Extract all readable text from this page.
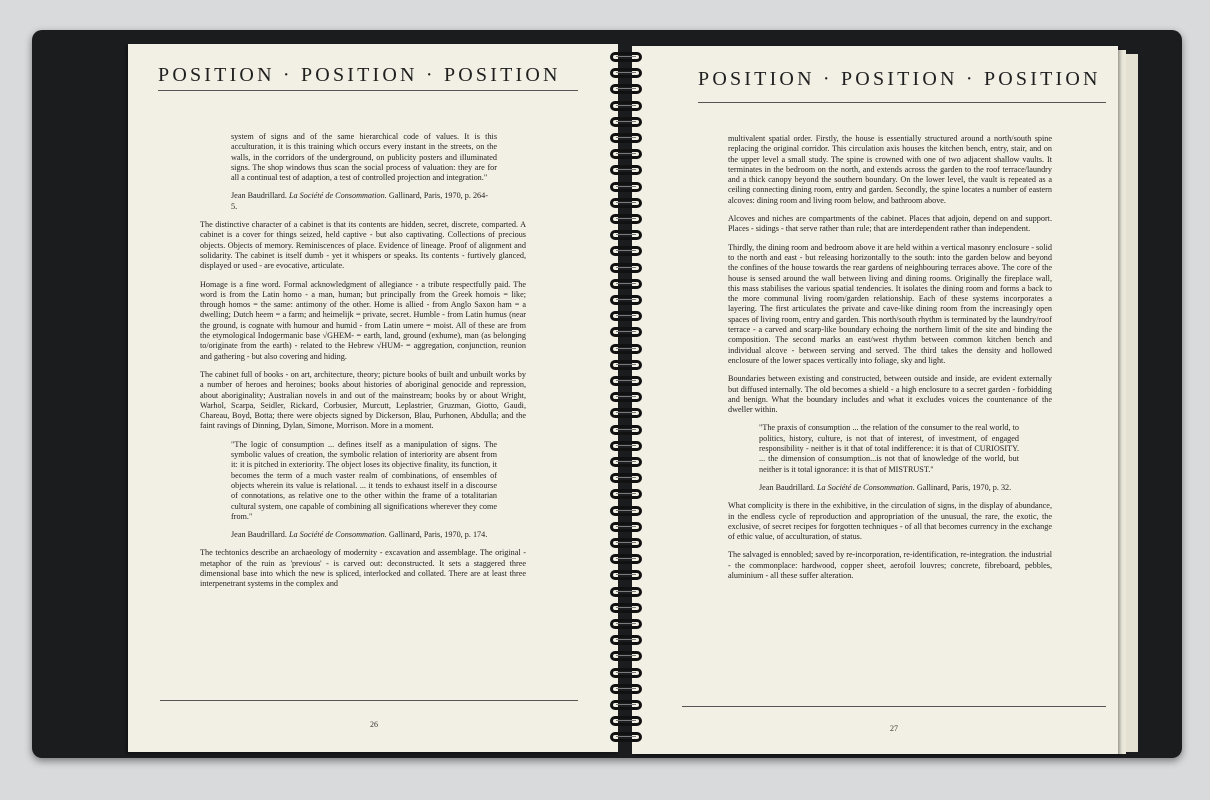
POSITION · POSITION · POSITION

system of signs and of the same hierarchical code of values. It is this acculturation, it is this training which occurs every instant in the streets, on the walls, in the corridors of the underground, on publicity posters and illuminated signs. The shop windows thus scan the social process of valuation: they are for all a continual test of adaption, a test of controlled projection and integration."

Jean Baudrillard. La Société de Consommation. Gallinard, Paris, 1970, p. 264-5.

The distinctive character of a cabinet is that its contents are hidden, secret, discrete, comparted. A cabinet is a cover for things seized, held captive - but also captivating. Collections of precious objects. Objects of memory. Reminiscences of place. Evidence of lineage. Proof of alignment and solidarity. The cabinet is itself dumb - yet it whispers or speaks. Its contents - furtively glanced, displayed or used - are evocative, articulate.

Homage is a fine word. Formal acknowledgment of allegiance - a tribute respectfully paid. The word is from the Latin homo - a man, human; but principally from the Greek homois = like; through homos = the same: antimony of the other. Home is allied - from Anglo Saxon ham = a dwelling; Dutch heem = a farm; and heimelijk = private, secret. Humble - from Latin humus (near the ground, is cognate with humour and humid - from Latin umere = moist. All of these are from the etymological Indogermanic base √GHEM- = earth, land, ground (exhume), man (as belonging to/originate from the earth) - related to the Hebrew √HUM- = aggregation, conjunction, reunion and gathering - but also covering and hiding.

The cabinet full of books - on art, architecture, theory; picture books of built and unbuilt works by a number of heroes and heroines; books about histories of aboriginal genocide and repression, about aboriginality; Australian novels in and out of the mainstream; books by or about Wright, Warhol, Scarpa, Seidler, Rickard, Corbusier, Murcutt, Leplastrier, Gruzman, Giotto, Gaudi, Chareau, Boyd, Botta; there were objects signed by Dickerson, Blau, Purhonen, Abdulla; and the faint ravings of Dinning, Dylan, Simone, Morrison. More in a moment.

"The logic of consumption ... defines itself as a manipulation of signs. The symbolic values of creation, the symbolic relation of interiority are absent from it: it is pitched in exteriority. The object loses its objective finality, its function, it becomes the term of a much vaster realm of combinations, of ensembles of objects wherein its value is relational. ... it tends to exhaust itself in a discourse of connotations, as relative one to the other within the frame of a totalitarian cultural system, one capable of combining all significations wherever they come from."

Jean Baudrillard. La Société de Consommation. Gallinard, Paris, 1970, p. 174.

The techtonics describe an archaeology of modernity - excavation and assemblage. The original - metaphor of the ruin as 'previous' - is carved out: deconstructed. It sets a staggered three dimensional base into which the new is spliced, interlocked and collated. There are at least three interpenetrant systems in the complex and

26
POSITION · POSITION · POSITION

multivalent spatial order. Firstly, the house is essentially structured around a north/south spine replacing the original corridor. This circulation axis houses the kitchen bench, entry, stair, and on the upper level a small study. The spine is crowned with one of two adjacent shallow vaults. It terminates in the bedroom on the north, and extends across the garden to the roof terrace/laundry and a thick canopy beyond the southern boundary. On the lower level, the vault is repeated as a ceiling connecting dining room, entry and garden. Secondly, the spine locates a number of eastern alcoves: dining room and living room below, and bathroom above.

Alcoves and niches are compartments of the cabinet. Places that adjoin, depend on and support. Places - sidings - that serve rather than rule; that are interdependent rather than independent.

Thirdly, the dining room and bedroom above it are held within a vertical masonry enclosure - solid to the north and east - but releasing horizontally to the south: into the garden below and beyond the confines of the house towards the rear gardens of neighbouring terraces above. The core of the house is sensed around the wall between living and dining rooms. Originally the fireplace wall, this mass stabilises the various spatial tendencies. It isolates the dining room and forms a back to the more communal living room/garden relationship. Each of these systems incorporates a layering. The first articulates the private and cave-like dining room from the increasingly open spaces of living room, entry and garden. This north/south rhythm is terminated by the laundry/roof terrace - a carved and scarp-like boundary echoing the northern limit of the site and binding the composition. The second marks an east/west rhythm between common kitchen bench and individual alcove - between serving and served. The third takes the density and hollowed enclosure of the lower spaces vertically into foliage, sky and light.

Boundaries between existing and constructed, between outside and inside, are evident externally but diffused internally. The old becomes a shield - a high enclosure to a secret garden - forbidding and benign. What the boundary includes and what it excludes voices the countenance of the dweller within.

"The praxis of consumption ... the relation of the consumer to the real world, to politics, history, culture, is not that of interest, of investment, of engaged responsibility - neither is it that of total indifference: it is that of CURIOSITY. ... the dimension of consumption...is not that of knowledge of the world, but neither is it total ignorance: it is that of MISTRUST."

Jean Baudrillard. La Société de Consommation. Gallinard, Paris, 1970, p. 32.

What complicity is there in the exhibitive, in the circulation of signs, in the display of abundance, in the endless cycle of reproduction and appropriation of the unusual, the rare, the exotic, the exclusive, of secret recipes for forgotten techniques - of all that becomes currency in the exchange of ethic value, of acculturation, of status.

The salvaged is ennobled; saved by re-incorporation, re-identification, re-integration. the industrial - the commonplace: hardwood, copper sheet, aerofoil louvres; concrete, fibreboard, pebbles, aluminium - all these suffer alteration.

27
